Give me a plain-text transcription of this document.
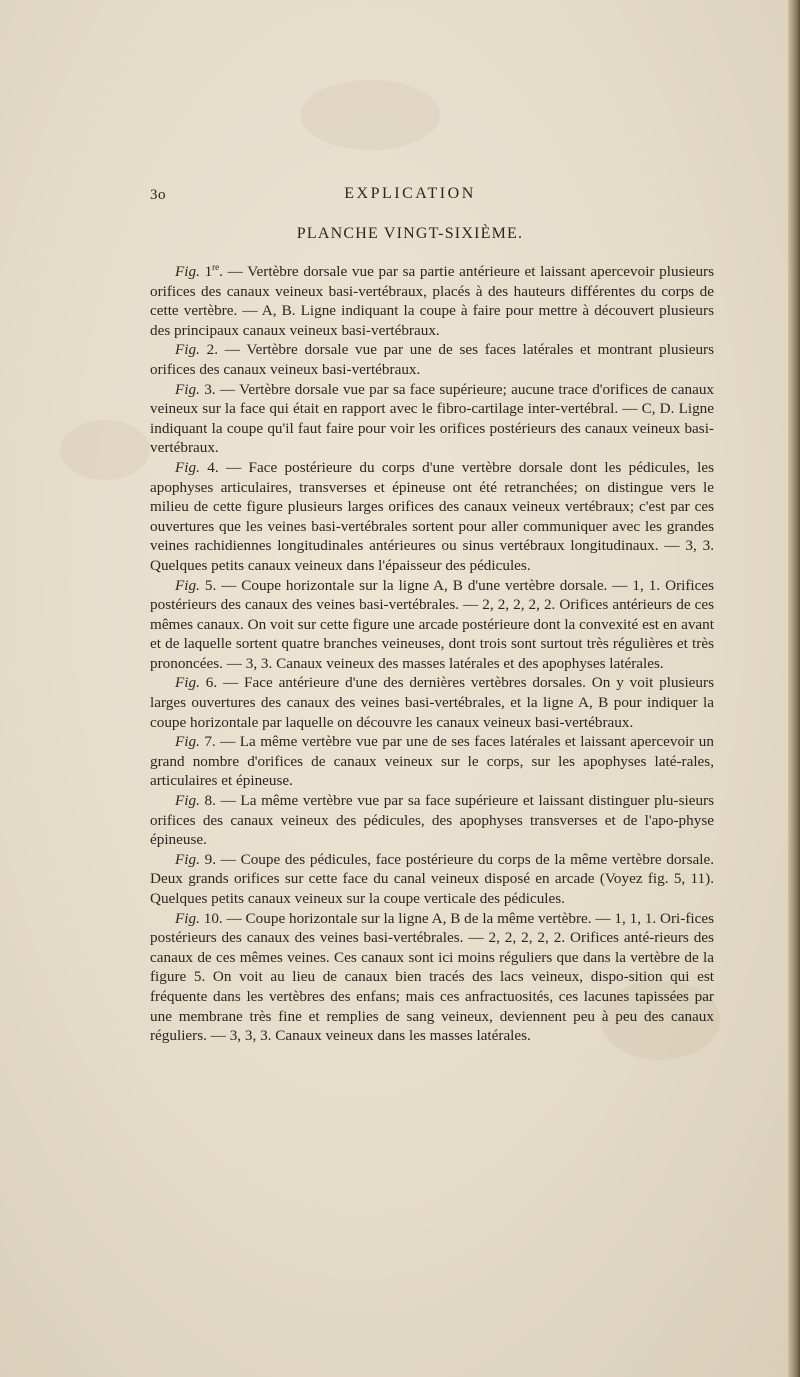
3o	EXPLICATION
PLANCHE VINGT-SIXIÈME.

Fig. 1re. — Vertèbre dorsale vue par sa partie antérieure et laissant apercevoir plusieurs orifices des canaux veineux basi-vertébraux, placés à des hauteurs différentes du corps de cette vertèbre. — A, B. Ligne indiquant la coupe à faire pour mettre à découvert plusieurs des principaux canaux veineux basi-vertébraux.

Fig. 2. — Vertèbre dorsale vue par une de ses faces latérales et montrant plusieurs orifices des canaux veineux basi-vertébraux.

Fig. 3. — Vertèbre dorsale vue par sa face supérieure; aucune trace d'orifices de canaux veineux sur la face qui était en rapport avec le fibro-cartilage inter-vertébral. — C, D. Ligne indiquant la coupe qu'il faut faire pour voir les orifices postérieurs des canaux veineux basi-vertébraux.

Fig. 4. — Face postérieure du corps d'une vertèbre dorsale dont les pédicules, les apophyses articulaires, transverses et épineuse ont été retranchées; on distingue vers le milieu de cette figure plusieurs larges orifices des canaux veineux vertébraux; c'est par ces ouvertures que les veines basi-vertébrales sortent pour aller communiquer avec les grandes veines rachidiennes longitudinales antérieures ou sinus vertébraux longitudinaux. — 3, 3. Quelques petits canaux veineux dans l'épaisseur des pédicules.

Fig. 5. — Coupe horizontale sur la ligne A, B d'une vertèbre dorsale. — 1, 1. Orifices postérieurs des canaux des veines basi-vertébrales. — 2, 2, 2, 2, 2. Orifices antérieurs de ces mêmes canaux. On voit sur cette figure une arcade postérieure dont la convexité est en avant et de laquelle sortent quatre branches veineuses, dont trois sont surtout très régulières et très prononcées. — 3, 3. Canaux veineux des masses latérales et des apophyses latérales.

Fig. 6. — Face antérieure d'une des dernières vertèbres dorsales. On y voit plusieurs larges ouvertures des canaux des veines basi-vertébrales, et la ligne A, B pour indiquer la coupe horizontale par laquelle on découvre les canaux veineux basi-vertébraux.

Fig. 7. — La même vertèbre vue par une de ses faces latérales et laissant apercevoir un grand nombre d'orifices de canaux veineux sur le corps, sur les apophyses laté-rales, articulaires et épineuse.

Fig. 8. — La même vertèbre vue par sa face supérieure et laissant distinguer plu-sieurs orifices des canaux veineux des pédicules, des apophyses transverses et de l'apo-physe épineuse.

Fig. 9. — Coupe des pédicules, face postérieure du corps de la même vertèbre dorsale. Deux grands orifices sur cette face du canal veineux disposé en arcade (Voyez fig. 5, 11). Quelques petits canaux veineux sur la coupe verticale des pédicules.

Fig. 10. — Coupe horizontale sur la ligne A, B de la même vertèbre. — 1, 1, 1. Ori-fices postérieurs des canaux des veines basi-vertébrales. — 2, 2, 2, 2, 2. Orifices anté-rieurs des canaux de ces mêmes veines. Ces canaux sont ici moins réguliers que dans la vertèbre de la figure 5. On voit au lieu de canaux bien tracés des lacs veineux, dispo-sition qui est fréquente dans les vertèbres des enfans; mais ces anfractuosités, ces lacunes tapissées par une membrane très fine et remplies de sang veineux, deviennent peu à peu des canaux réguliers. — 3, 3, 3. Canaux veineux dans les masses latérales.
